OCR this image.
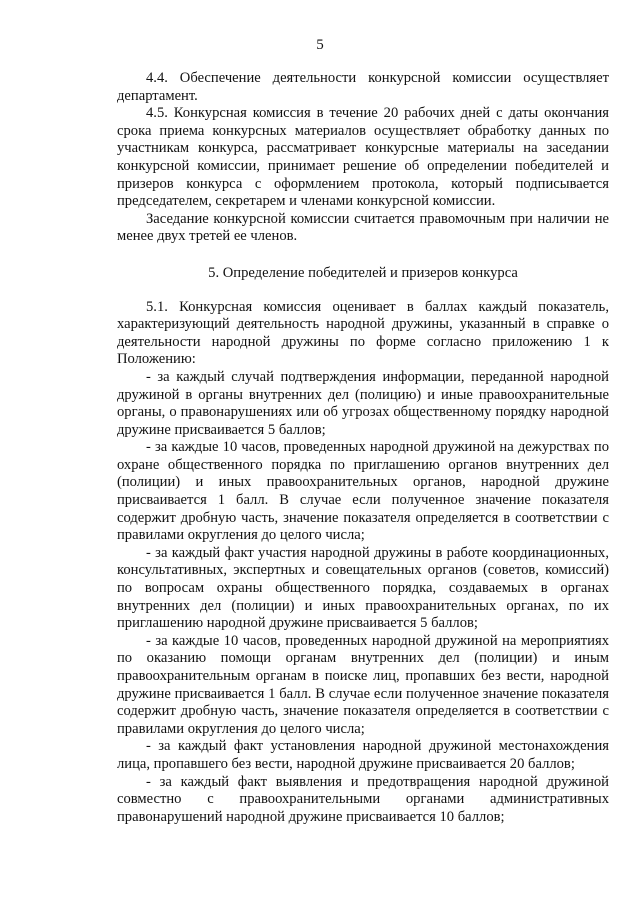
5

4.4. Обеспечение деятельности конкурсной комиссии осуществляет департамент.

4.5. Конкурсная комиссия в течение 20 рабочих дней с даты окончания срока приема конкурсных материалов осуществляет обработку данных по участникам конкурса, рассматривает конкурсные материалы на заседании конкурсной комиссии, принимает решение об определении победителей и призеров конкурса с оформлением протокола, который подписывается председателем, секретарем и членами конкурсной комиссии.

Заседание конкурсной комиссии считается правомочным при наличии не менее двух третей ее членов.

5. Определение победителей и призеров конкурса

5.1. Конкурсная комиссия оценивает в баллах каждый показатель, характеризующий деятельность народной дружины, указанный в справке о деятельности народной дружины по форме согласно приложению 1 к Положению:

- за каждый случай подтверждения информации, переданной народной дружиной в органы внутренних дел (полицию) и иные правоохранительные органы, о правонарушениях или об угрозах общественному порядку народной дружине присваивается 5 баллов;

- за каждые 10 часов, проведенных народной дружиной на дежурствах по охране общественного порядка по приглашению органов внутренних дел (полиции) и иных правоохранительных органов, народной дружине присваивается 1 балл. В случае если полученное значение показателя содержит дробную часть, значение показателя определяется в соответствии с правилами округления до целого числа;

- за каждый факт участия народной дружины в работе координационных, консультативных, экспертных и совещательных органов (советов, комиссий) по вопросам охраны общественного порядка, создаваемых в органах внутренних дел (полиции) и иных правоохранительных органах, по их приглашению народной дружине присваивается 5 баллов;

- за каждые 10 часов, проведенных народной дружиной на мероприятиях по оказанию помощи органам внутренних дел (полиции) и иным правоохранительным органам в поиске лиц, пропавших без вести, народной дружине присваивается 1 балл. В случае если полученное значение показателя содержит дробную часть, значение показателя определяется в соответствии с правилами округления до целого числа;

- за каждый факт установления народной дружиной местонахождения лица, пропавшего без вести, народной дружине присваивается 20 баллов;

- за каждый факт выявления и предотвращения народной дружиной совместно с правоохранительными органами административных правонарушений народной дружине присваивается 10 баллов;
